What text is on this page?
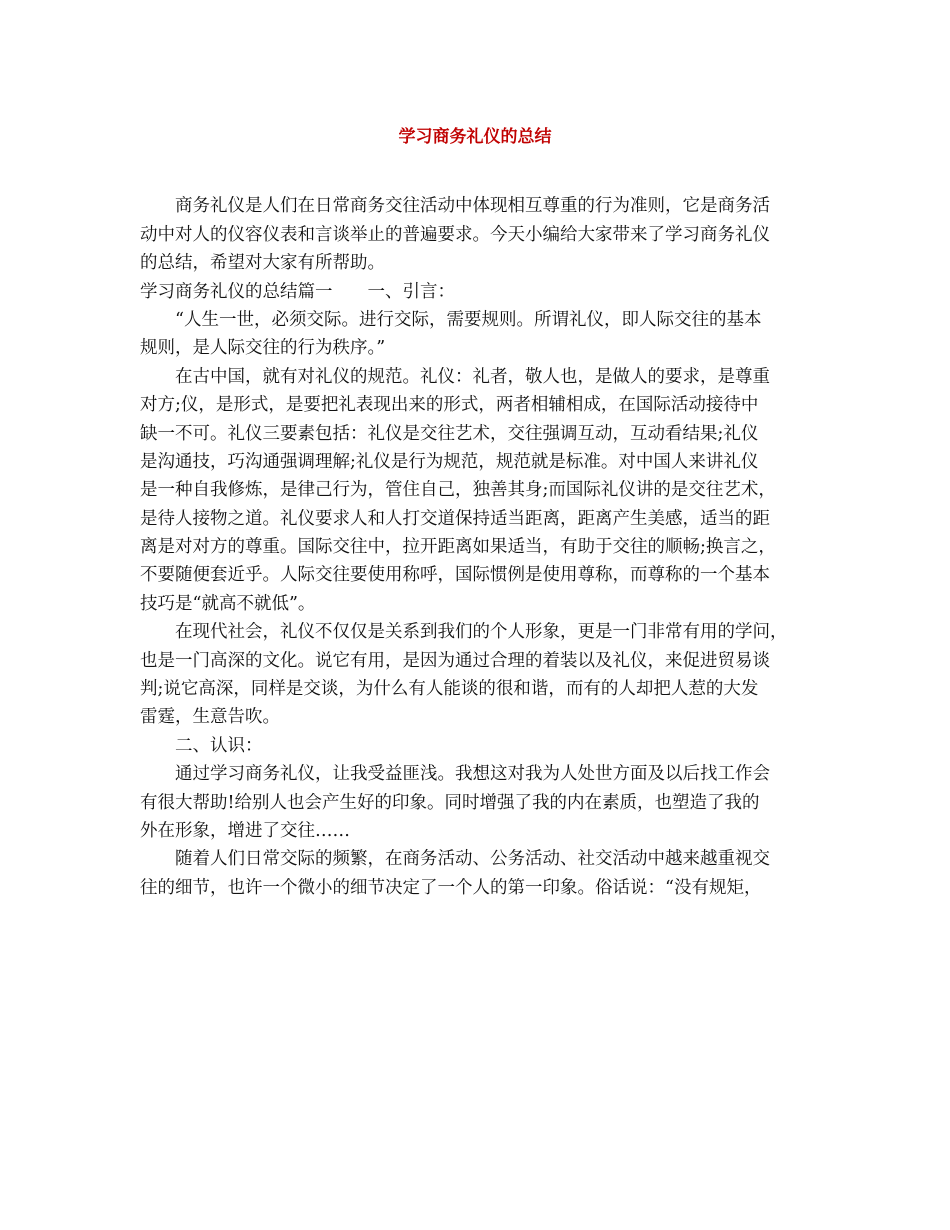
学习商务礼仪的总结
商务礼仪是人们在日常商务交往活动中体现相互尊重的行为准则，它是商务活
动中对人的仪容仪表和言谈举止的普遍要求。今天小编给大家带来了学习商务礼仪
的总结，希望对大家有所帮助。
学习商务礼仪的总结篇一　　一、引言：
“人生一世，必须交际。进行交际，需要规则。所谓礼仪，即人际交往的基本
规则，是人际交往的行为秩序。”
在古中国，就有对礼仪的规范。礼仪：礼者，敬人也，是做人的要求，是尊重
对方;仪，是形式，是要把礼表现出来的形式，两者相辅相成，在国际活动接待中
缺一不可。礼仪三要素包括：礼仪是交往艺术，交往强调互动，互动看结果;礼仪
是沟通技，巧沟通强调理解;礼仪是行为规范，规范就是标准。对中国人来讲礼仪
是一种自我修炼，是律己行为，管住自己，独善其身;而国际礼仪讲的是交往艺术，
是待人接物之道。礼仪要求人和人打交道保持适当距离，距离产生美感，适当的距
离是对对方的尊重。国际交往中，拉开距离如果适当，有助于交往的顺畅;换言之，
不要随便套近乎。人际交往要使用称呼，国际惯例是使用尊称，而尊称的一个基本
技巧是“就高不就低”。
在现代社会，礼仪不仅仅是关系到我们的个人形象，更是一门非常有用的学问，
也是一门高深的文化。说它有用，是因为通过合理的着装以及礼仪，来促进贸易谈
判;说它高深，同样是交谈，为什么有人能谈的很和谐，而有的人却把人惹的大发
雷霆，生意告吹。
二、认识：
通过学习商务礼仪，让我受益匪浅。我想这对我为人处世方面及以后找工作会
有很大帮助!给别人也会产生好的印象。同时增强了我的内在素质，也塑造了我的
外在形象，增进了交往……
随着人们日常交际的频繁，在商务活动、公务活动、社交活动中越来越重视交
往的细节，也许一个微小的细节决定了一个人的第一印象。俗话说：“没有规矩，
